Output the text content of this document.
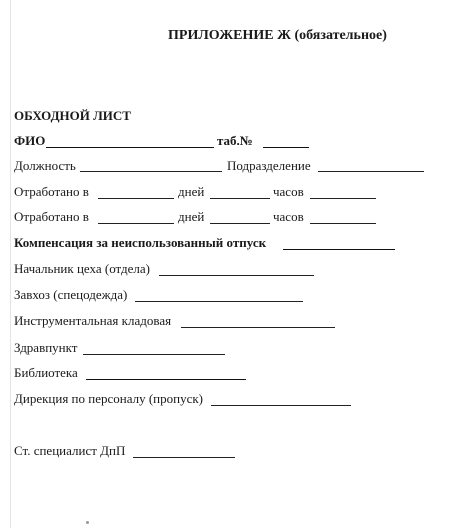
ПРИЛОЖЕНИЕ Ж (обязательное)
ОБХОДНОЙ ЛИСТ
ФИО	таб.№
Должность	Подразделение
Отработано в	дней	часов
Отработано в	дней	часов
Компенсация за неиспользованный отпуск
Начальник цеха (отдела)
Завхоз (спецодежда)
Инструментальная кладовая
Здравпункт
Библиотека
Дирекция по персоналу (пропуск)
Ст. специалист ДпП
